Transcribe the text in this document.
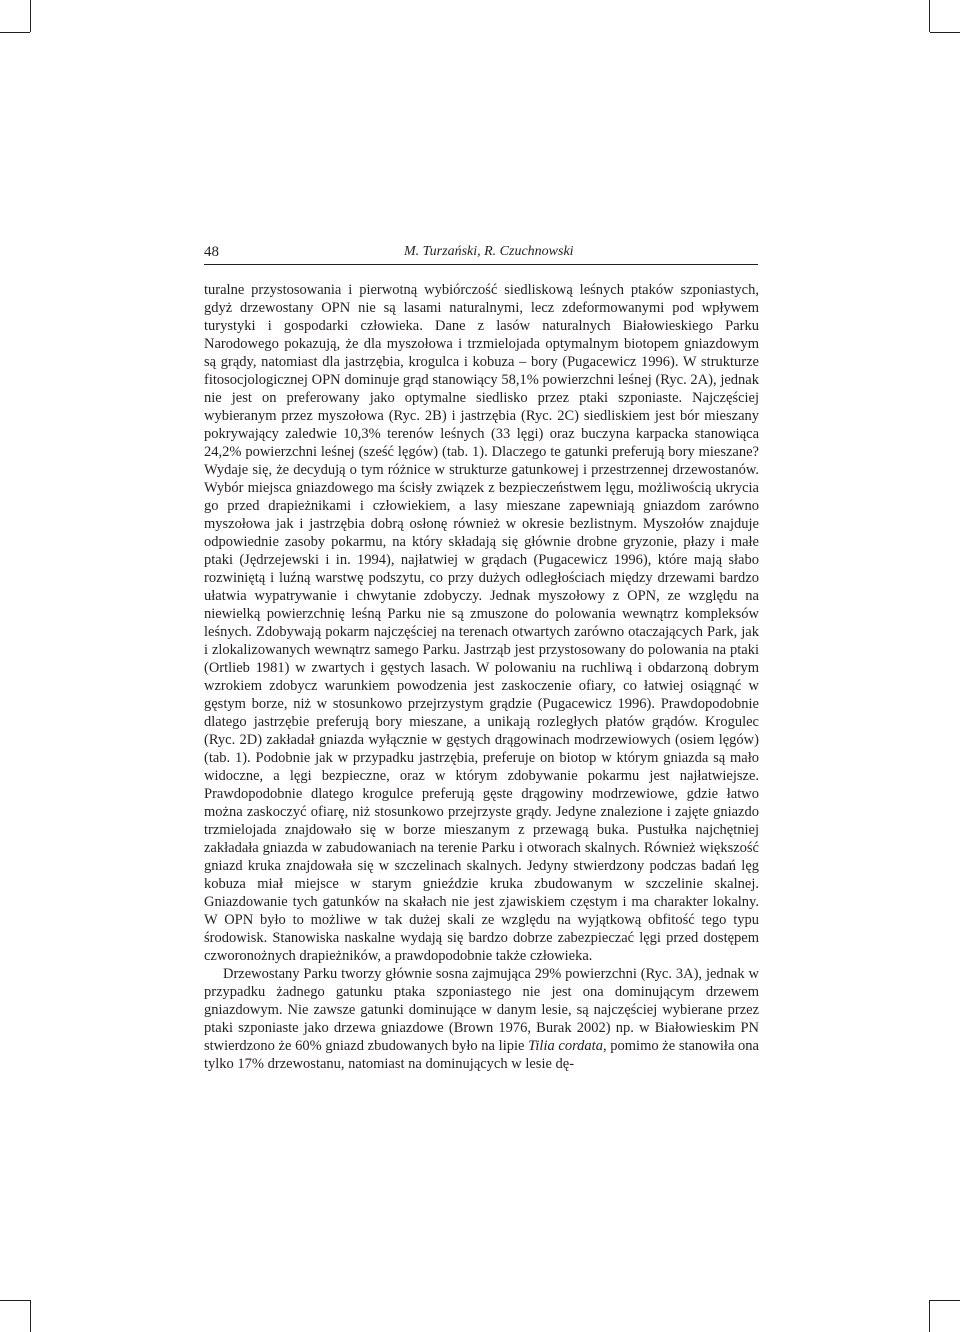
48	M. Turzański, R. Czuchnowski

turalne przystosowania i pierwotną wybiórczość siedliskową leśnych ptaków szponiastych, gdyż drzewostany OPN nie są lasami naturalnymi, lecz zdeformowanymi pod wpływem turystyki i gospodarki człowieka. Dane z lasów naturalnych Białowieskiego Parku Narodowego pokazują, że dla myszołowa i trzmielojada optymalnym biotopem gniazdowym są grądy, natomiast dla jastrzębia, krogulca i kobuza – bory (Pugacewicz 1996). W strukturze fitosocjologicznej OPN dominuje grąd stanowiący 58,1% powierzchni leśnej (Ryc. 2A), jednak nie jest on preferowany jako optymalne siedlisko przez ptaki szponiaste. Najczęściej wybieranym przez myszołowa (Ryc. 2B) i jastrzębia (Ryc. 2C) siedliskiem jest bór mieszany pokrywający zaledwie 10,3% terenów leśnych (33 lęgi) oraz buczyna karpacka stanowiąca 24,2% powierzchni leśnej (sześć lęgów) (tab. 1). Dlaczego te gatunki preferują bory mieszane? Wydaje się, że decydują o tym różnice w strukturze gatunkowej i przestrzennej drzewostanów. Wybór miejsca gniazdowego ma ścisły związek z bezpieczeństwem lęgu, możliwością ukrycia go przed drapieżnikami i człowiekiem, a lasy mieszane zapewniają gniazdom zarówno myszołowa jak i jastrzębia dobrą osłonę również w okresie bezlistnym. Myszołów znajduje odpowiednie zasoby pokarmu, na który składają się głównie drobne gryzonie, płazy i małe ptaki (Jędrzejewski i in. 1994), najłatwiej w grądach (Pugacewicz 1996), które mają słabo rozwiniętą i luźną warstwę podszytu, co przy dużych odległościach między drzewami bardzo ułatwia wypatrywanie i chwytanie zdobyczy. Jednak myszołowy z OPN, ze względu na niewielką powierzchnię leśną Parku nie są zmuszone do polowania wewnątrz kompleksów leśnych. Zdobywają pokarm najczęściej na terenach otwartych zarówno otaczających Park, jak i zlokalizowanych wewnątrz samego Parku. Jastrząb jest przystosowany do polowania na ptaki (Ortlieb 1981) w zwartych i gęstych lasach. W polowaniu na ruchliwą i obdarzoną dobrym wzrokiem zdobycz warunkiem powodzenia jest zaskoczenie ofiary, co łatwiej osiągnąć w gęstym borze, niż w stosunkowo przejrzystym grądzie (Pugacewicz 1996). Prawdopodobnie dlatego jastrzębie preferują bory mieszane, a unikają rozległych płatów grądów. Krogulec (Ryc. 2D) zakładał gniazda wyłącznie w gęstych drągowinach modrzewiowych (osiem lęgów) (tab. 1). Podobnie jak w przypadku jastrzębia, preferuje on biotop w którym gniazda są mało widoczne, a lęgi bezpieczne, oraz w którym zdobywanie pokarmu jest najłatwiejsze. Prawdopodobnie dlatego krogulce preferują gęste drągowiny modrzewiowe, gdzie łatwo można zaskoczyć ofiarę, niż stosunkowo przejrzyste grądy. Jedyne znalezione i zajęte gniazdo trzmielojada znajdowało się w borze mieszanym z przewagą buka. Pustułka najchętniej zakładała gniazda w zabudowaniach na terenie Parku i otworach skalnych. Również większość gniazd kruka znajdowała się w szczelinach skalnych. Jedyny stwierdzony podczas badań lęg kobuza miał miejsce w starym gnieździe kruka zbudowanym w szczelinie skalnej. Gniazdowanie tych gatunków na skałach nie jest zjawiskiem częstym i ma charakter lokalny. W OPN było to możliwe w tak dużej skali ze względu na wyjątkową obfitość tego typu środowisk. Stanowiska naskalne wydają się bardzo dobrze zabezpieczać lęgi przed dostępem czworonożnych drapieżników, a prawdopodobnie także człowieka.

Drzewostany Parku tworzy głównie sosna zajmująca 29% powierzchni (Ryc. 3A), jednak w przypadku żadnego gatunku ptaka szponiastego nie jest ona dominującym drzewem gniazdowym. Nie zawsze gatunki dominujące w danym lesie, są najczęściej wybierane przez ptaki szponiaste jako drzewa gniazdowe (Brown 1976, Burak 2002) np. w Białowieskim PN stwierdzono że 60% gniazd zbudowanych było na lipie Tilia cordata, pomimo że stanowiła ona tylko 17% drzewostanu, natomiast na dominujących w lesie dę-
